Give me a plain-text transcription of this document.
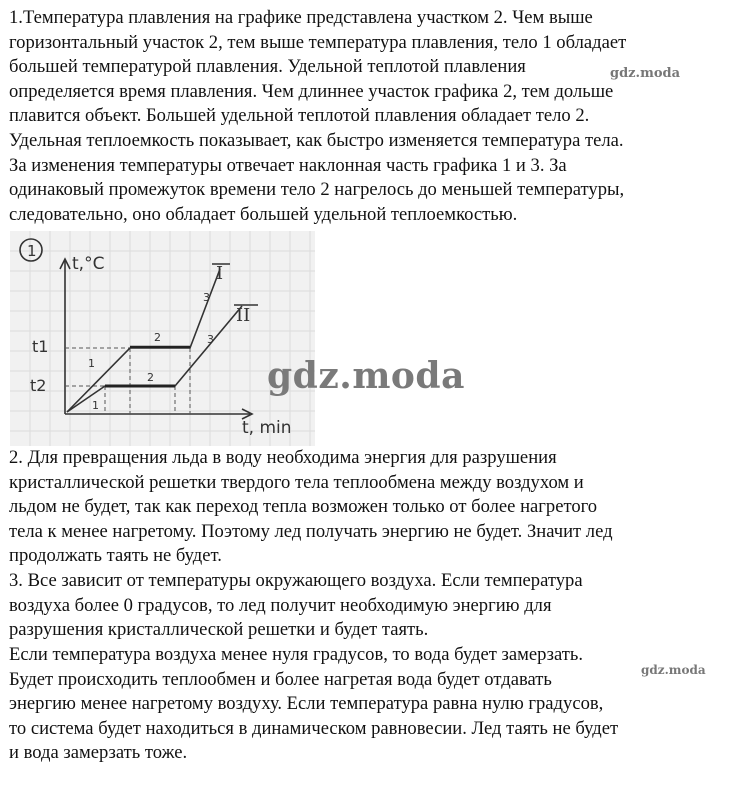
1.Температура плавления на графике представлена участком 2. Чем выше
горизонтальный участок 2, тем выше температура плавления, тело 1 обладает
большей температурой плавления. Удельной теплотой плавления
определяется время плавления. Чем длиннее участок графика 2, тем дольше
плавится объект. Большей удельной теплотой плавления обладает тело 2.
Удельная теплоемкость показывает, как быстро изменяется температура тела.
За изменения температуры отвечает наклонная часть графика 1 и 3. За
одинаковый промежуток времени тело 2 нагрелось до меньшей температуры,
следовательно, оно обладает большей удельной теплоемкостью.
gdz.moda
1
t,°C
t, min
t1
t2
I
II
1
2
3
2
3
1
gdz.moda
2. Для превращения льда в воду необходима энергия для разрушения
кристаллической решетки твердого тела теплообмена между воздухом и
льдом не будет, так как переход тепла возможен только от более нагретого
тела к менее нагретому. Поэтому лед получать энергию не будет. Значит лед
продолжать таять не будет.
3. Все зависит от температуры окружающего воздуха. Если температура
воздуха более 0 градусов, то лед получит необходимую энергию для
разрушения кристаллической решетки и будет таять.
Если температура воздуха менее нуля градусов, то вода будет замерзать.
Будет происходить теплообмен и более нагретая вода будет отдавать
энергию менее нагретому воздуху. Если температура равна нулю градусов,
то система будет находиться в динамическом равновесии. Лед таять не будет
и вода замерзать тоже.
gdz.moda
